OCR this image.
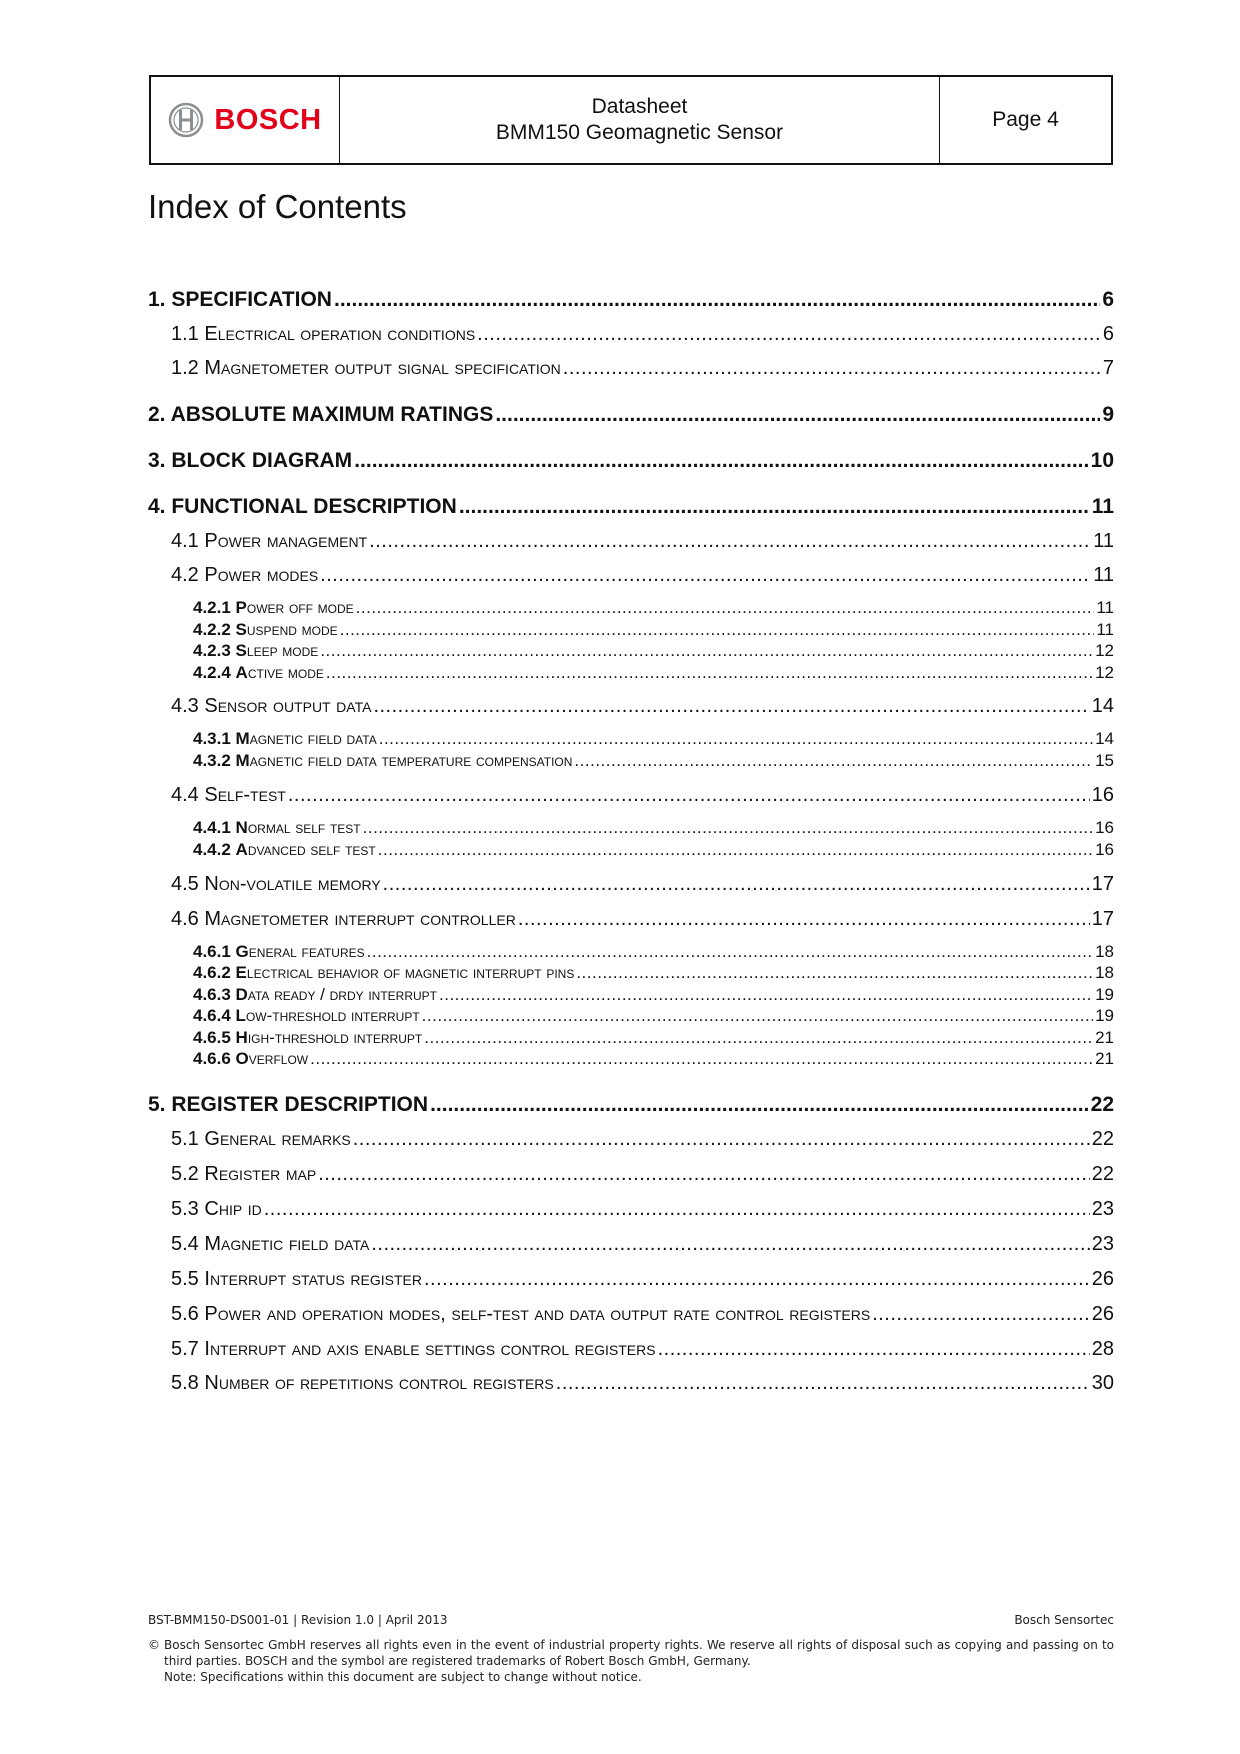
BOSCH	Datasheet
BMM150 Geomagnetic Sensor
Page 4
Index of Contents
1. SPECIFICATION .....	6
1.1 Electrical operation conditions .....	6
1.2 Magnetometer output signal specification .....	7
2. ABSOLUTE MAXIMUM RATINGS .....	9
3. BLOCK DIAGRAM .....	10
4. FUNCTIONAL DESCRIPTION .....	11
4.1 Power management .....	11
4.2 Power modes .....	11
4.2.1 Power off mode .....	11
4.2.2 Suspend mode .....	11
4.2.3 Sleep mode .....	12
4.2.4 Active mode .....	12
4.3 Sensor output data .....	14
4.3.1 Magnetic field data .....	14
4.3.2 Magnetic field data temperature compensation .....	15
4.4 Self-test .....	16
4.4.1 Normal self test .....	16
4.4.2 Advanced self test .....	16
4.5 Non-volatile memory .....	17
4.6 Magnetometer interrupt controller .....	17
4.6.1 General features .....	18
4.6.2 Electrical behavior of magnetic interrupt pins .....	18
4.6.3 Data ready / drdy interrupt .....	19
4.6.4 Low-threshold interrupt .....	19
4.6.5 High-threshold interrupt .....	21
4.6.6 Overflow .....	21
5. REGISTER DESCRIPTION .....	22
5.1 General remarks .....	22
5.2 Register map .....	22
5.3 Chip id .....	23
5.4 Magnetic field data .....	23
5.5 Interrupt status register .....	26
5.6 Power and operation modes, self-test and data output rate control registers .....	26
5.7 Interrupt and axis enable settings control registers .....	28
5.8 Number of repetitions control registers .....	30
BST-BMM150-DS001-01 | Revision 1.0 | April 2013	Bosch Sensortec
© Bosch Sensortec GmbH reserves all rights even in the event of industrial property rights. We reserve all rights of disposal such as copying and passing on to third parties. BOSCH and the symbol are registered trademarks of Robert Bosch GmbH, Germany.
Note: Specifications within this document are subject to change without notice.
